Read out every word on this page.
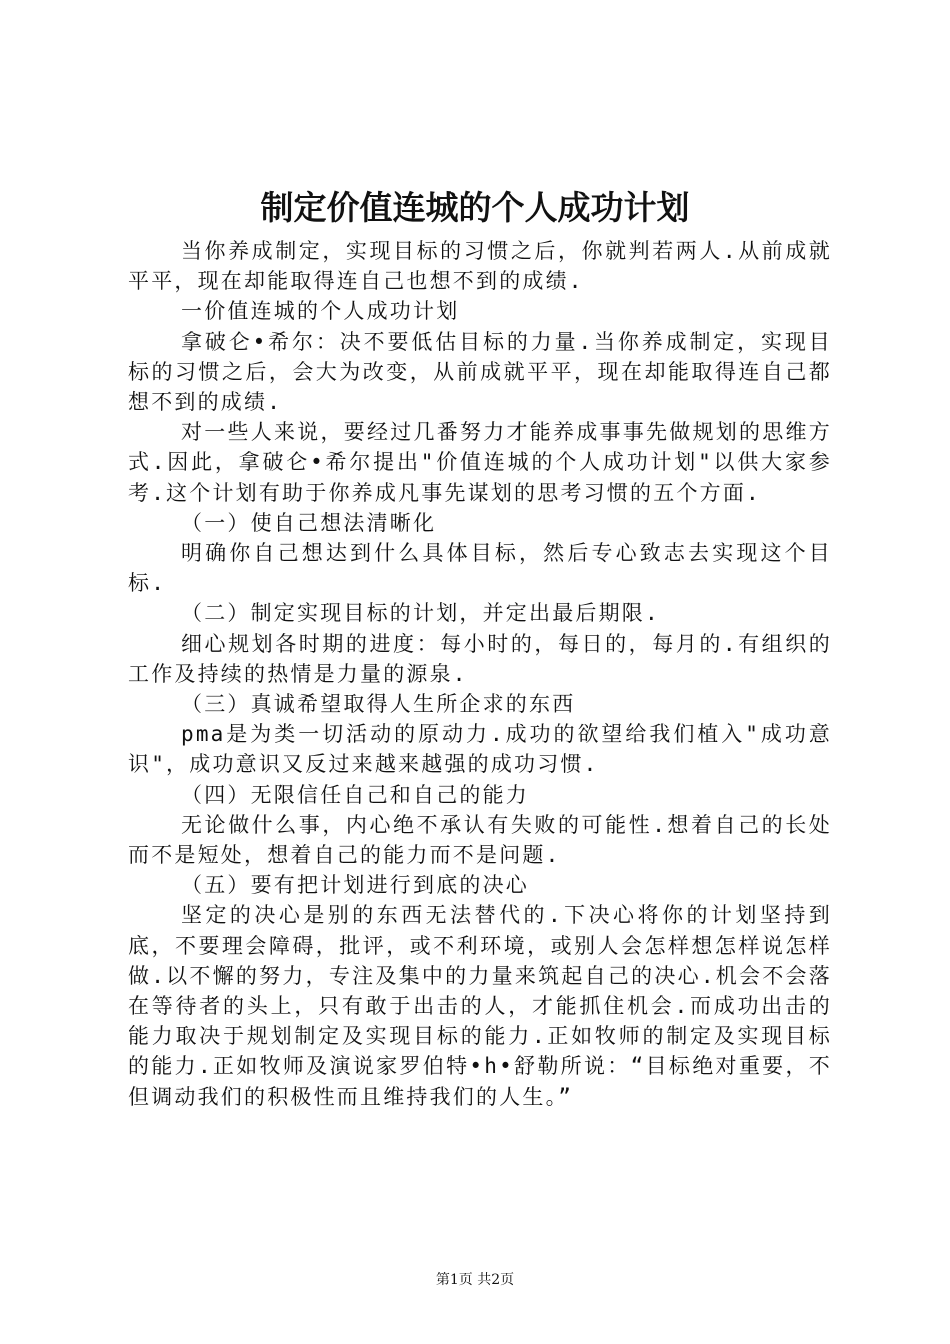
制定价值连城的个人成功计划

当你养成制定，实现目标的习惯之后，你就判若两人.从前成就平平，现在却能取得连自己也想不到的成绩.

一价值连城的个人成功计划

拿破仑•希尔：决不要低估目标的力量.当你养成制定，实现目标的习惯之后，会大为改变，从前成就平平，现在却能取得连自己都想不到的成绩.

对一些人来说，要经过几番努力才能养成事事先做规划的思维方式.因此，拿破仑•希尔提出"价值连城的个人成功计划"以供大家参考.这个计划有助于你养成凡事先谋划的思考习惯的五个方面.

（一）使自己想法清晰化

明确你自己想达到什么具体目标，然后专心致志去实现这个目标.

（二）制定实现目标的计划，并定出最后期限.

细心规划各时期的进度：每小时的，每日的，每月的.有组织的工作及持续的热情是力量的源泉.

（三）真诚希望取得人生所企求的东西

pma是为类一切活动的原动力.成功的欲望给我们植入"成功意识"，成功意识又反过来越来越强的成功习惯.

（四）无限信任自己和自己的能力

无论做什么事，内心绝不承认有失败的可能性.想着自己的长处而不是短处，想着自己的能力而不是问题.

（五）要有把计划进行到底的决心

坚定的决心是别的东西无法替代的.下决心将你的计划坚持到底，不要理会障碍，批评，或不利环境，或别人会怎样想怎样说怎样做.以不懈的努力，专注及集中的力量来筑起自己的决心.机会不会落在等待者的头上，只有敢于出击的人，才能抓住机会.而成功出击的能力取决于规划制定及实现目标的能力.正如牧师的制定及实现目标的能力.正如牧师及演说家罗伯特•h•舒勒所说：“目标绝对重要，不但调动我们的积极性而且维持我们的人生。”

第1页 共2页
